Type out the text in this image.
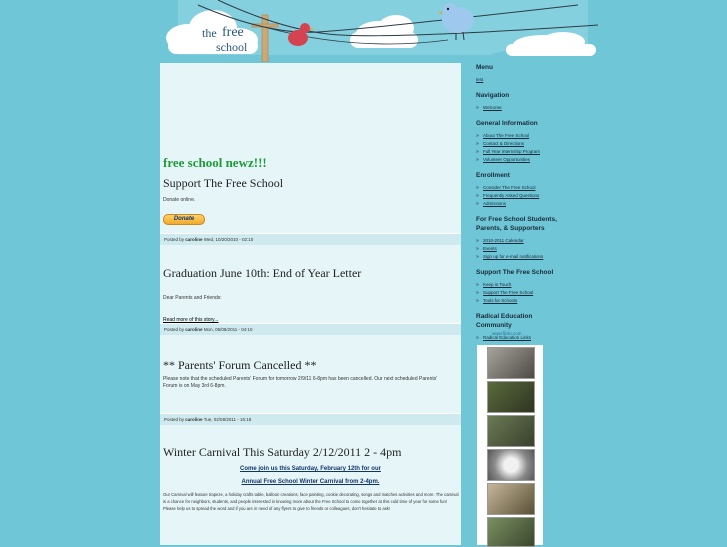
the free
school
free school newz!!!
Support The Free School
Donate online.
Donate
Posted by caroline Wed, 10/20/2010 - 02:10
Graduation June 10th: End of Year Letter
Dear Parents and Friends:
Read more of this story...
Posted by caroline Mon, 05/08/2011 - 04:10
** Parents' Forum Cancelled **
Please note that the scheduled Parents' Forum for tomorrow 2/9/11 6-8pm has been cancelled. Our next scheduled Parents' Forum is on May 3rd 6-8pm.
Posted by caroline Tue, 02/08/2011 - 16:18
Winter Carnival This Saturday 2/12/2011 2 - 4pm
Come join us this Saturday, February 12th for our
Annual Free School Winter Carnival from 2-4pm.
Our Carnival will feature trapeze, a holiday crafts table, balloon creations, face painting, cookie decorating, songs and matches activities and more. The carnival is a chance for neighbors, students, and people interested in knowing more about the Free School to come together at this cold time of year for some fun! Please help us to spread the word and if you are in need of any flyers to give to friends or colleagues, don't hesitate to ask!
Menu
test
Navigation
» Welcome
General Information
» About The Free School
» Contact & Directions
» Full Year Internship Program
» Volunteer Opportunities
Enrollment
» Consider The Free School
» Frequently Asked Questions
» Admissions
For Free School Students, Parents, & Supporters
» 2010-2011 Calendar
» Events
» Sign up for e-mail notifications
Support The Free School
» Keep in Touch
» Support The Free School
» Tools for Schools
Radical Education Community
» Radical Education Links
www.flickr.com
